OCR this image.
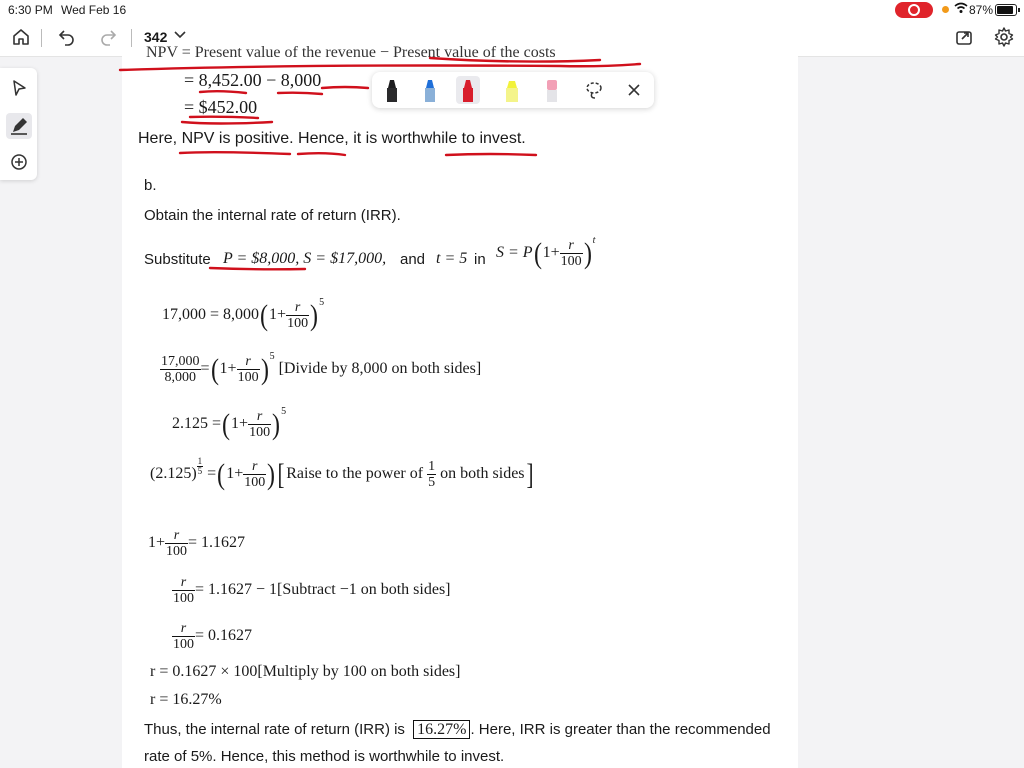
6:30 PM Wed Feb 16	87%
342
NPV = Present value of the revenue − Present value of the costs
= 8,452.00 − 8,000
= $452.00
Here, NPV is positive. Hence, it is worthwhile to invest.
b.
Obtain the internal rate of return (IRR).
Substitute P = $8,000, S = $17,000, and t = 5 in $S = P(1+ \frac{r}{100} )^t$
$17,000 = 8,000(1+ \frac{r}{100} )^5$
$\frac{17,000}{8,000} =(1+ \frac{r}{100}$ )$^5[Divide$ by 8,000 on both sides]
$2.125 =(1+ \frac{r}{100} )^5$
$(2.125) \frac{1}{5} =(1+ \frac{r}{100}$ )[Raise to the power of $\frac{1}{5}$ on both sides]
$1+ \frac{r}{100} = 1.1627$
$\frac{r}{100} = 1.1627$ − 1[Subtract −1 on both sides]
$\frac{r}{100} = 0.1627$
r = 0.1627 × 100[Multiply by 100 on both sides]
r = 16.27%
Thus, the internal rate of return (IRR) is 16.27% . Here, IRR is greater than the recommended
rate of 5%. Hence, this method is worthwhile to invest.
